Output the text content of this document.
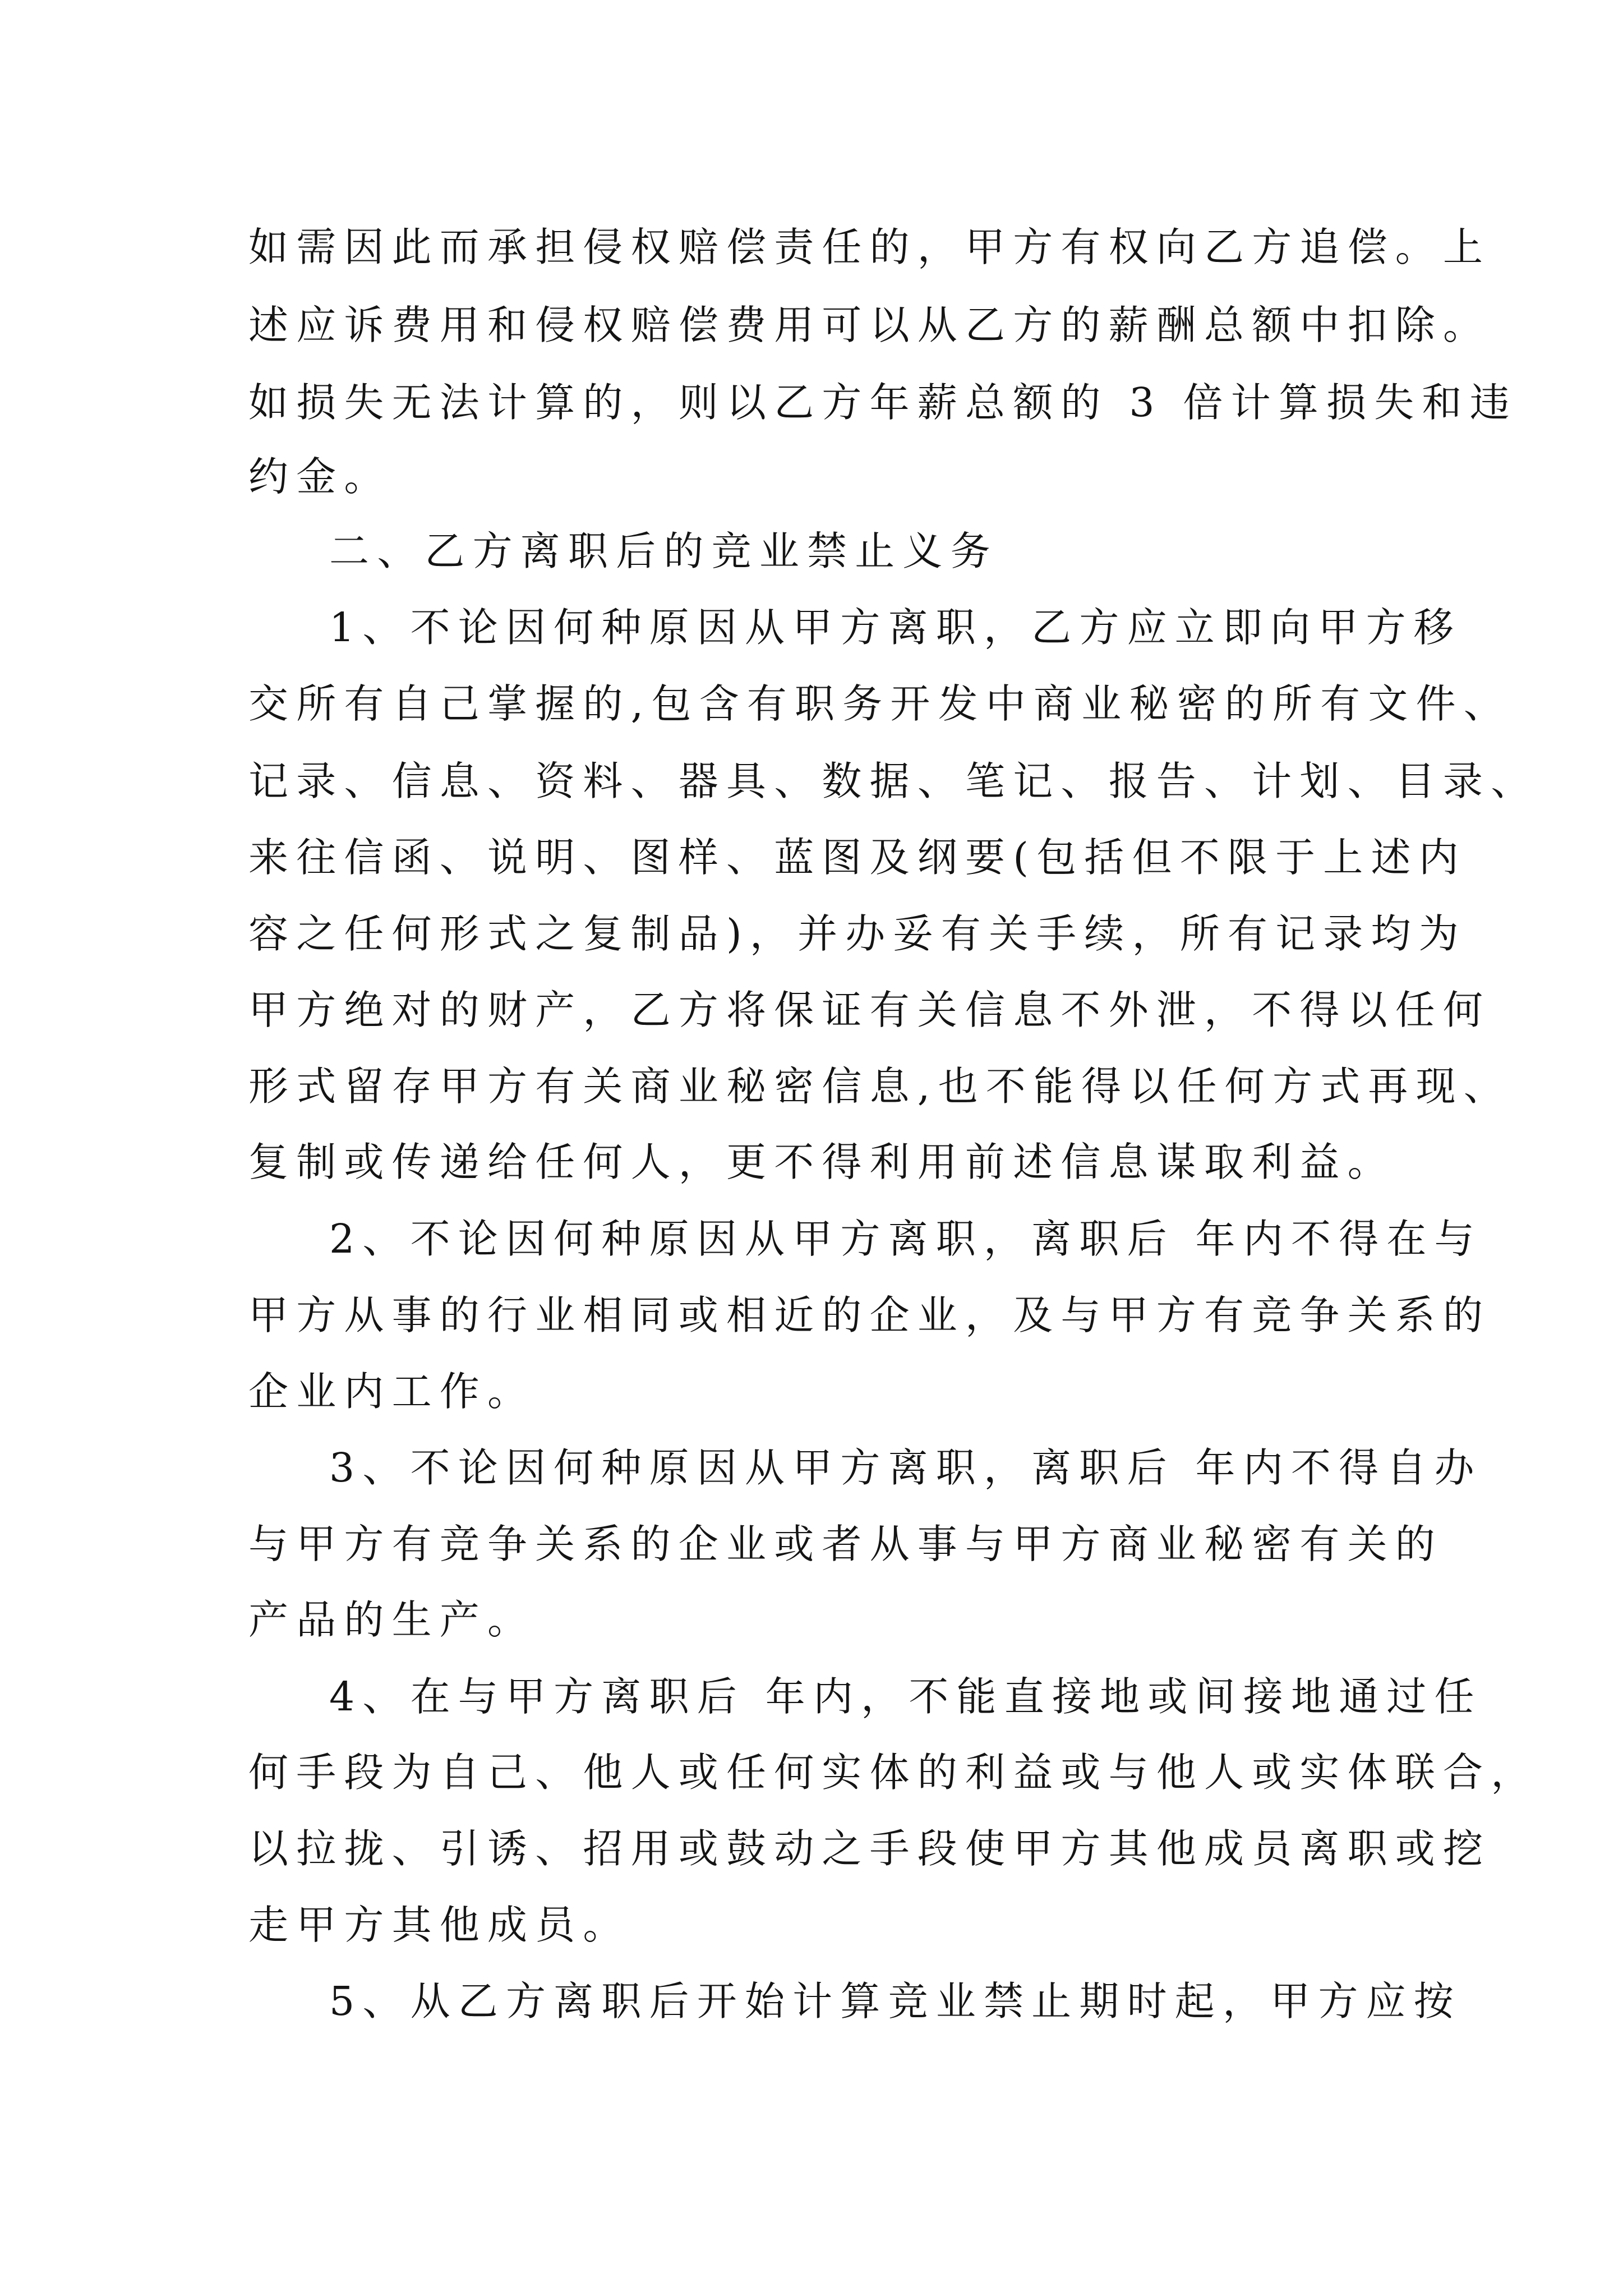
如需因此而承担侵权赔偿责任的，甲方有权向乙方追偿。上
述应诉费用和侵权赔偿费用可以从乙方的薪酬总额中扣除。
如损失无法计算的，则以乙方年薪总额的 3 倍计算损失和违
约金。
二、乙方离职后的竞业禁止义务
1、不论因何种原因从甲方离职，乙方应立即向甲方移
交所有自己掌握的,包含有职务开发中商业秘密的所有文件、
记录、信息、资料、器具、数据、笔记、报告、计划、目录、
来往信函、说明、图样、蓝图及纲要(包括但不限于上述内
容之任何形式之复制品)，并办妥有关手续，所有记录均为
甲方绝对的财产，乙方将保证有关信息不外泄，不得以任何
形式留存甲方有关商业秘密信息,也不能得以任何方式再现、
复制或传递给任何人，更不得利用前述信息谋取利益。
2、不论因何种原因从甲方离职，离职后 年内不得在与
甲方从事的行业相同或相近的企业，及与甲方有竞争关系的
企业内工作。
3、不论因何种原因从甲方离职，离职后 年内不得自办
与甲方有竞争关系的企业或者从事与甲方商业秘密有关的
产品的生产。
4、在与甲方离职后 年内，不能直接地或间接地通过任
何手段为自己、他人或任何实体的利益或与他人或实体联合，
以拉拢、引诱、招用或鼓动之手段使甲方其他成员离职或挖
走甲方其他成员。
5、从乙方离职后开始计算竞业禁止期时起，甲方应按
